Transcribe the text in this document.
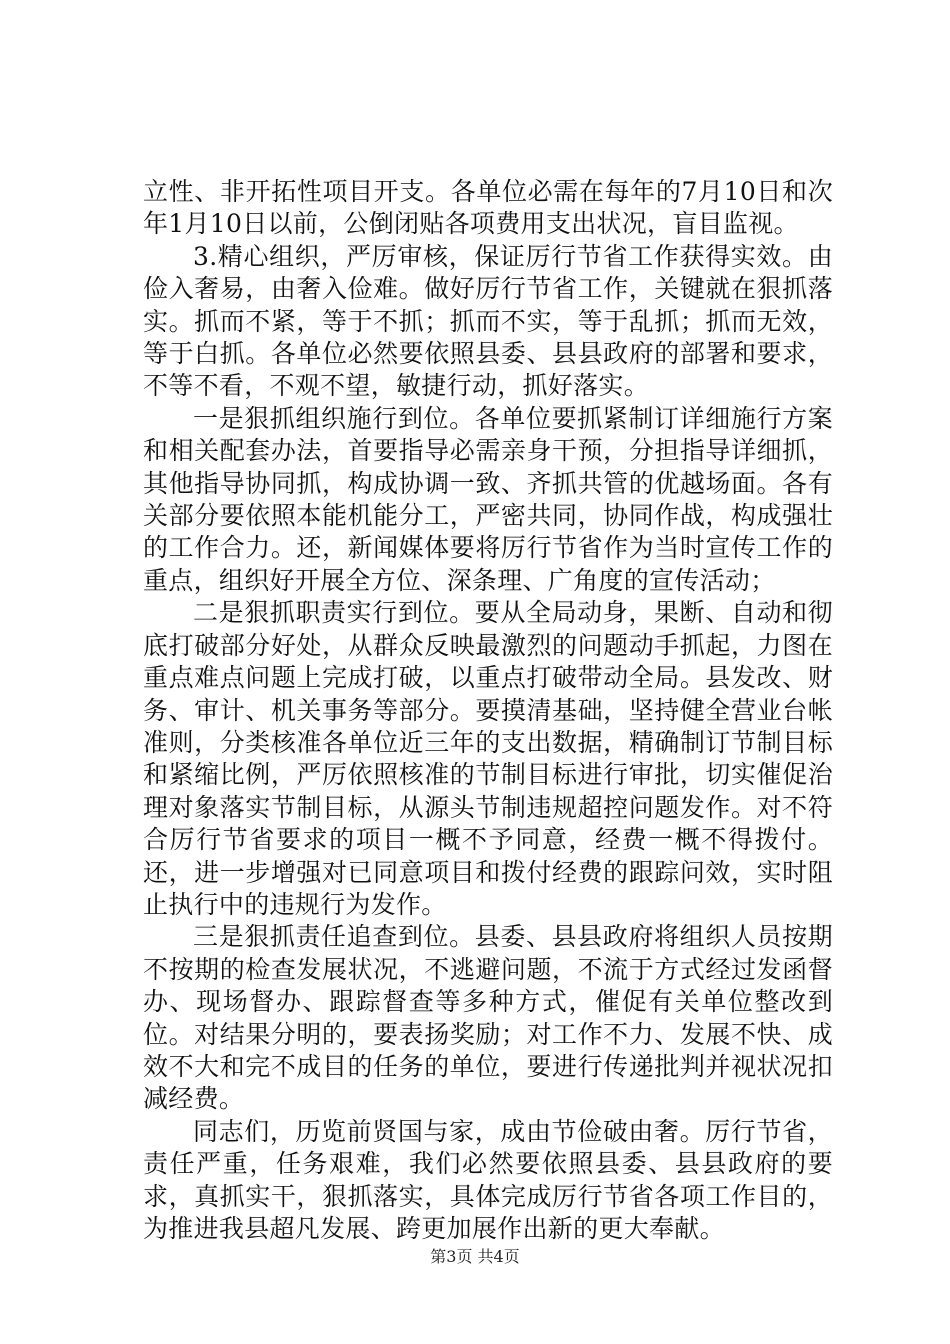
立性、非开拓性项目开支。各单位必需在每年的7月10日和次年1月10日以前，公倒闭贴各项费用支出状况，盲目监视。

3.精心组织，严厉审核，保证厉行节省工作获得实效。由俭入奢易，由奢入俭难。做好厉行节省工作，关键就在狠抓落实。抓而不紧，等于不抓；抓而不实，等于乱抓；抓而无效，等于白抓。各单位必然要依照县委、县县政府的部署和要求，不等不看，不观不望，敏捷行动，抓好落实。

一是狠抓组织施行到位。各单位要抓紧制订详细施行方案和相关配套办法，首要指导必需亲身干预，分担指导详细抓，其他指导协同抓，构成协调一致、齐抓共管的优越场面。各有关部分要依照本能机能分工，严密共同，协同作战，构成强壮的工作合力。还，新闻媒体要将厉行节省作为当时宣传工作的重点，组织好开展全方位、深条理、广角度的宣传活动；

二是狠抓职责实行到位。要从全局动身，果断、自动和彻底打破部分好处，从群众反映最激烈的问题动手抓起，力图在重点难点问题上完成打破，以重点打破带动全局。县发改、财务、审计、机关事务等部分。要摸清基础，坚持健全营业台帐准则，分类核准各单位近三年的支出数据，精确制订节制目标和紧缩比例，严厉依照核准的节制目标进行审批，切实催促治理对象落实节制目标，从源头节制违规超控问题发作。对不符合厉行节省要求的项目一概不予同意，经费一概不得拨付。还，进一步增强对已同意项目和拨付经费的跟踪问效，实时阻止执行中的违规行为发作。

三是狠抓责任追查到位。县委、县县政府将组织人员按期不按期的检查发展状况，不逃避问题，不流于方式经过发函督办、现场督办、跟踪督查等多种方式，催促有关单位整改到位。对结果分明的，要表扬奖励；对工作不力、发展不快、成效不大和完不成目的任务的单位，要进行传递批判并视状况扣减经费。

同志们，历览前贤国与家，成由节俭破由奢。厉行节省，责任严重，任务艰难，我们必然要依照县委、县县政府的要求，真抓实干，狠抓落实，具体完成厉行节省各项工作目的，为推进我县超凡发展、跨更加展作出新的更大奉献。

第3页 共4页
